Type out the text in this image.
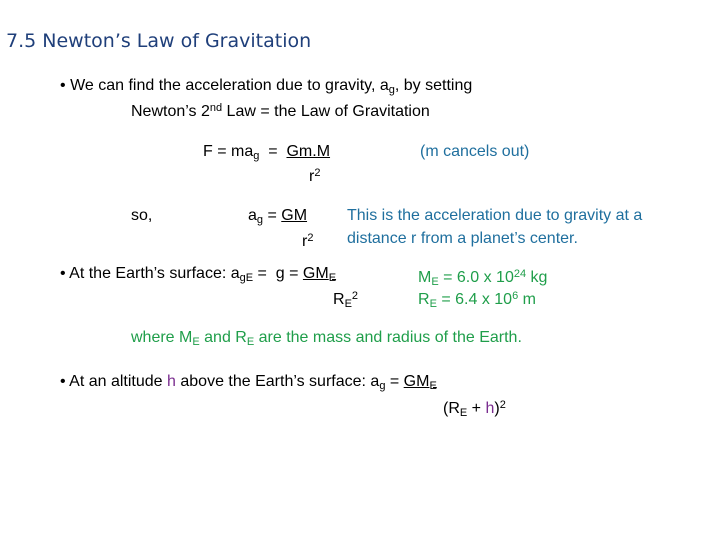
7.5 Newton’s Law of Gravitation
• We can find the acceleration due to gravity, $a_g$, by setting
Newton’s 2nd Law = the Law of Gravitation
$F = ma_g = Gm.M$
$r^2$
(m cancels out)
so,	$a_g$ = GM
$r^2$
This is the acceleration due to gravity at a
distance r from a planet’s center.
• At the Earth’s surface: $a_{gE} = g = GM_E$
$R_E^2$
$M_E = 6.0$ x $10^{24}$ kg
$R_E = 6.4$ x $10^6$ m
where $M_E$ and $R_E$ are the mass and radius of the Earth.
• At an altitude h above the Earth’s surface: $a_g = GM_E$
$(R_E + h)^2$
